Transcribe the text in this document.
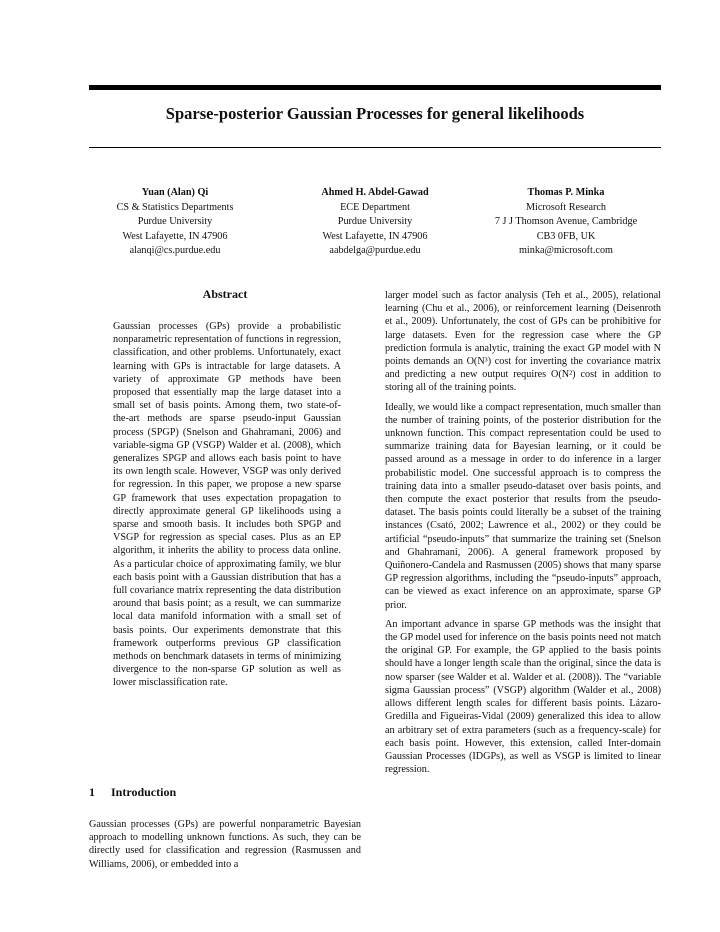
Sparse-posterior Gaussian Processes for general likelihoods
Yuan (Alan) Qi
CS & Statistics Departments
Purdue University
West Lafayette, IN 47906
alanqi@cs.purdue.edu
Ahmed H. Abdel-Gawad
ECE Department
Purdue University
West Lafayette, IN 47906
aabdelga@purdue.edu
Thomas P. Minka
Microsoft Research
7 J J Thomson Avenue, Cambridge
CB3 0FB, UK
minka@microsoft.com
Abstract
Gaussian processes (GPs) provide a probabilistic nonparametric representation of functions in regression, classification, and other problems. Unfortunately, exact learning with GPs is intractable for large datasets. A variety of approximate GP methods have been proposed that essentially map the large dataset into a small set of basis points. Among them, two state-of-the-art methods are sparse pseudo-input Gaussian process (SPGP) (Snelson and Ghahramani, 2006) and variable-sigma GP (VSGP) Walder et al. (2008), which generalizes SPGP and allows each basis point to have its own length scale. However, VSGP was only derived for regression. In this paper, we propose a new sparse GP framework that uses expectation propagation to directly approximate general GP likelihoods using a sparse and smooth basis. It includes both SPGP and VSGP for regression as special cases. Plus as an EP algorithm, it inherits the ability to process data online. As a particular choice of approximating family, we blur each basis point with a Gaussian distribution that has a full covariance matrix representing the data distribution around that basis point; as a result, we can summarize local data manifold information with a small set of basis points. Our experiments demonstrate that this framework outperforms previous GP classification methods on benchmark datasets in terms of minimizing divergence to the non-sparse GP solution as well as lower misclassification rate.
1 Introduction
Gaussian processes (GPs) are powerful nonparametric Bayesian approach to modelling unknown functions. As such, they can be directly used for classification and regression (Rasmussen and Williams, 2006), or embedded into a

larger model such as factor analysis (Teh et al., 2005), relational learning (Chu et al., 2006), or reinforcement learning (Deisenroth et al., 2009). Unfortunately, the cost of GPs can be prohibitive for large datasets. Even for the regression case where the GP prediction formula is analytic, training the exact GP model with N points demands an O(N³) cost for inverting the covariance matrix and predicting a new output requires O(N²) cost in addition to storing all of the training points.

Ideally, we would like a compact representation, much smaller than the number of training points, of the posterior distribution for the unknown function. This compact representation could be used to summarize training data for Bayesian learning, or it could be passed around as a message in order to do inference in a larger probabilistic model. One successful approach is to compress the training data into a smaller pseudo-dataset over basis points, and then compute the exact posterior that results from the pseudo-dataset. The basis points could literally be a subset of the training instances (Csató, 2002; Lawrence et al., 2002) or they could be artificial “pseudo-inputs” that summarize the training set (Snelson and Ghahramani, 2006). A general framework proposed by Quiñonero-Candela and Rasmussen (2005) shows that many sparse GP regression algorithms, including the “pseudo-inputs” approach, can be viewed as exact inference on an approximate, sparse GP prior.

An important advance in sparse GP methods was the insight that the GP model used for inference on the basis points need not match the original GP. For example, the GP applied to the basis points should have a longer length scale than the original, since the data is now sparser (see Walder et al. Walder et al. (2008)). The “variable sigma Gaussian process” (VSGP) algorithm (Walder et al., 2008) allows different length scales for different basis points. Lázaro-Gredilla and Figueiras-Vidal (2009) generalized this idea to allow an arbitrary set of extra parameters (such as a frequency-scale) for each basis point. However, this extension, called Inter-domain Gaussian Processes (IDGPs), as well as VSGP is limited to linear regression.
